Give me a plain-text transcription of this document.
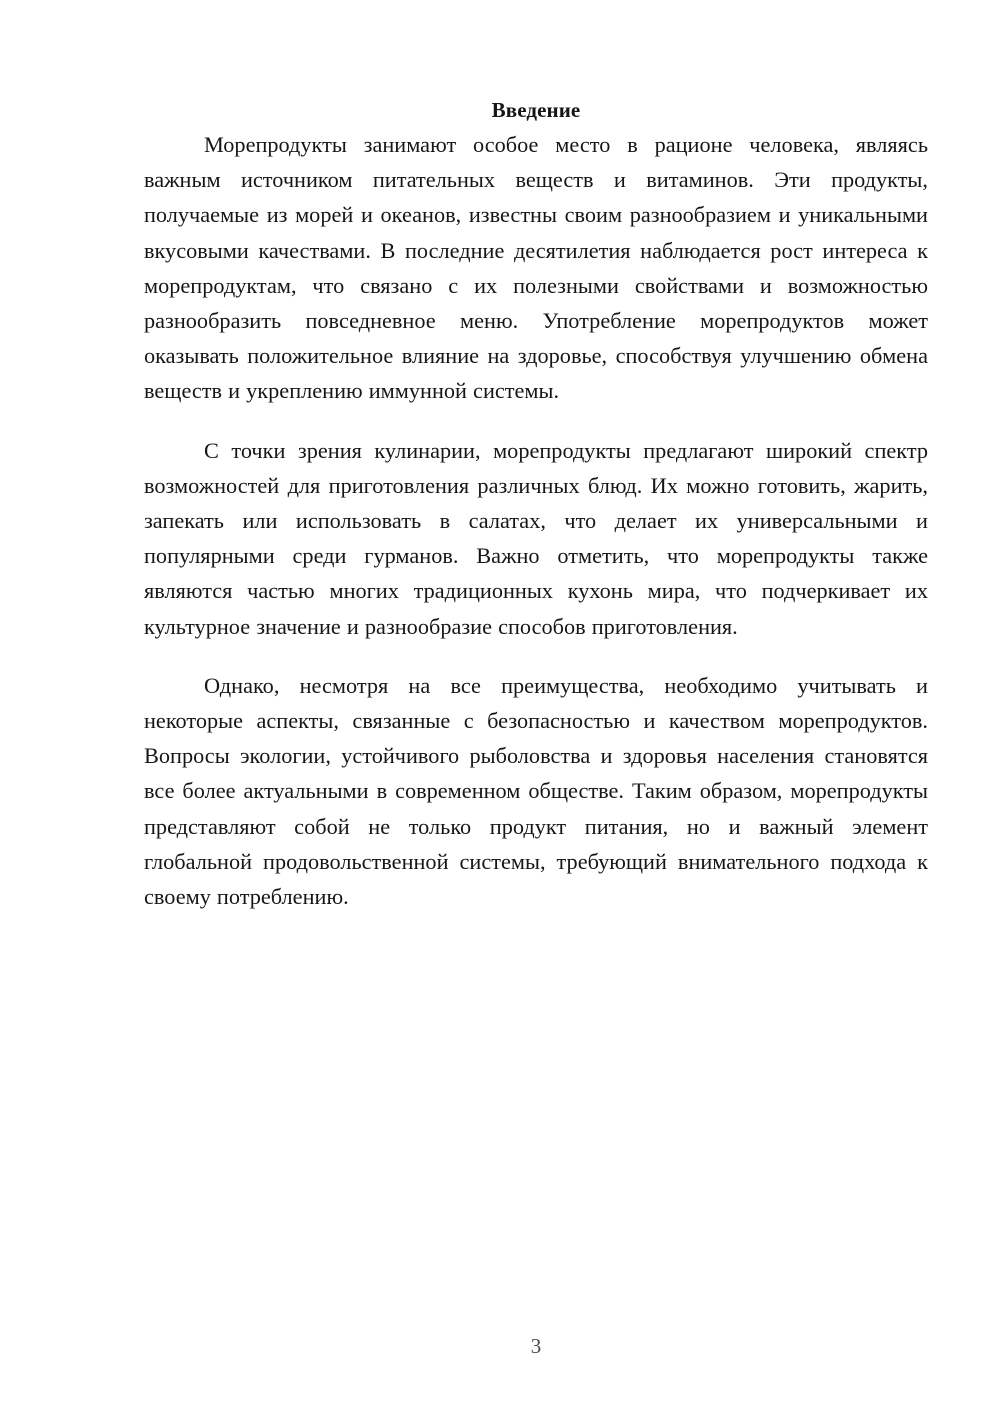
Введение

Морепродукты занимают особое место в рационе человека, являясь важным источником питательных веществ и витаминов. Эти продукты, получаемые из морей и океанов, известны своим разнообразием и уникальными вкусовыми качествами. В последние десятилетия наблюдается рост интереса к морепродуктам, что связано с их полезными свойствами и возможностью разнообразить повседневное меню. Употребление морепродуктов может оказывать положительное влияние на здоровье, способствуя улучшению обмена веществ и укреплению иммунной системы.

С точки зрения кулинарии, морепродукты предлагают широкий спектр возможностей для приготовления различных блюд. Их можно готовить, жарить, запекать или использовать в салатах, что делает их универсальными и популярными среди гурманов. Важно отметить, что морепродукты также являются частью многих традиционных кухонь мира, что подчеркивает их культурное значение и разнообразие способов приготовления.

Однако, несмотря на все преимущества, необходимо учитывать и некоторые аспекты, связанные с безопасностью и качеством морепродуктов. Вопросы экологии, устойчивого рыболовства и здоровья населения становятся все более актуальными в современном обществе. Таким образом, морепродукты представляют собой не только продукт питания, но и важный элемент глобальной продовольственной системы, требующий внимательного подхода к своему потреблению.

3
